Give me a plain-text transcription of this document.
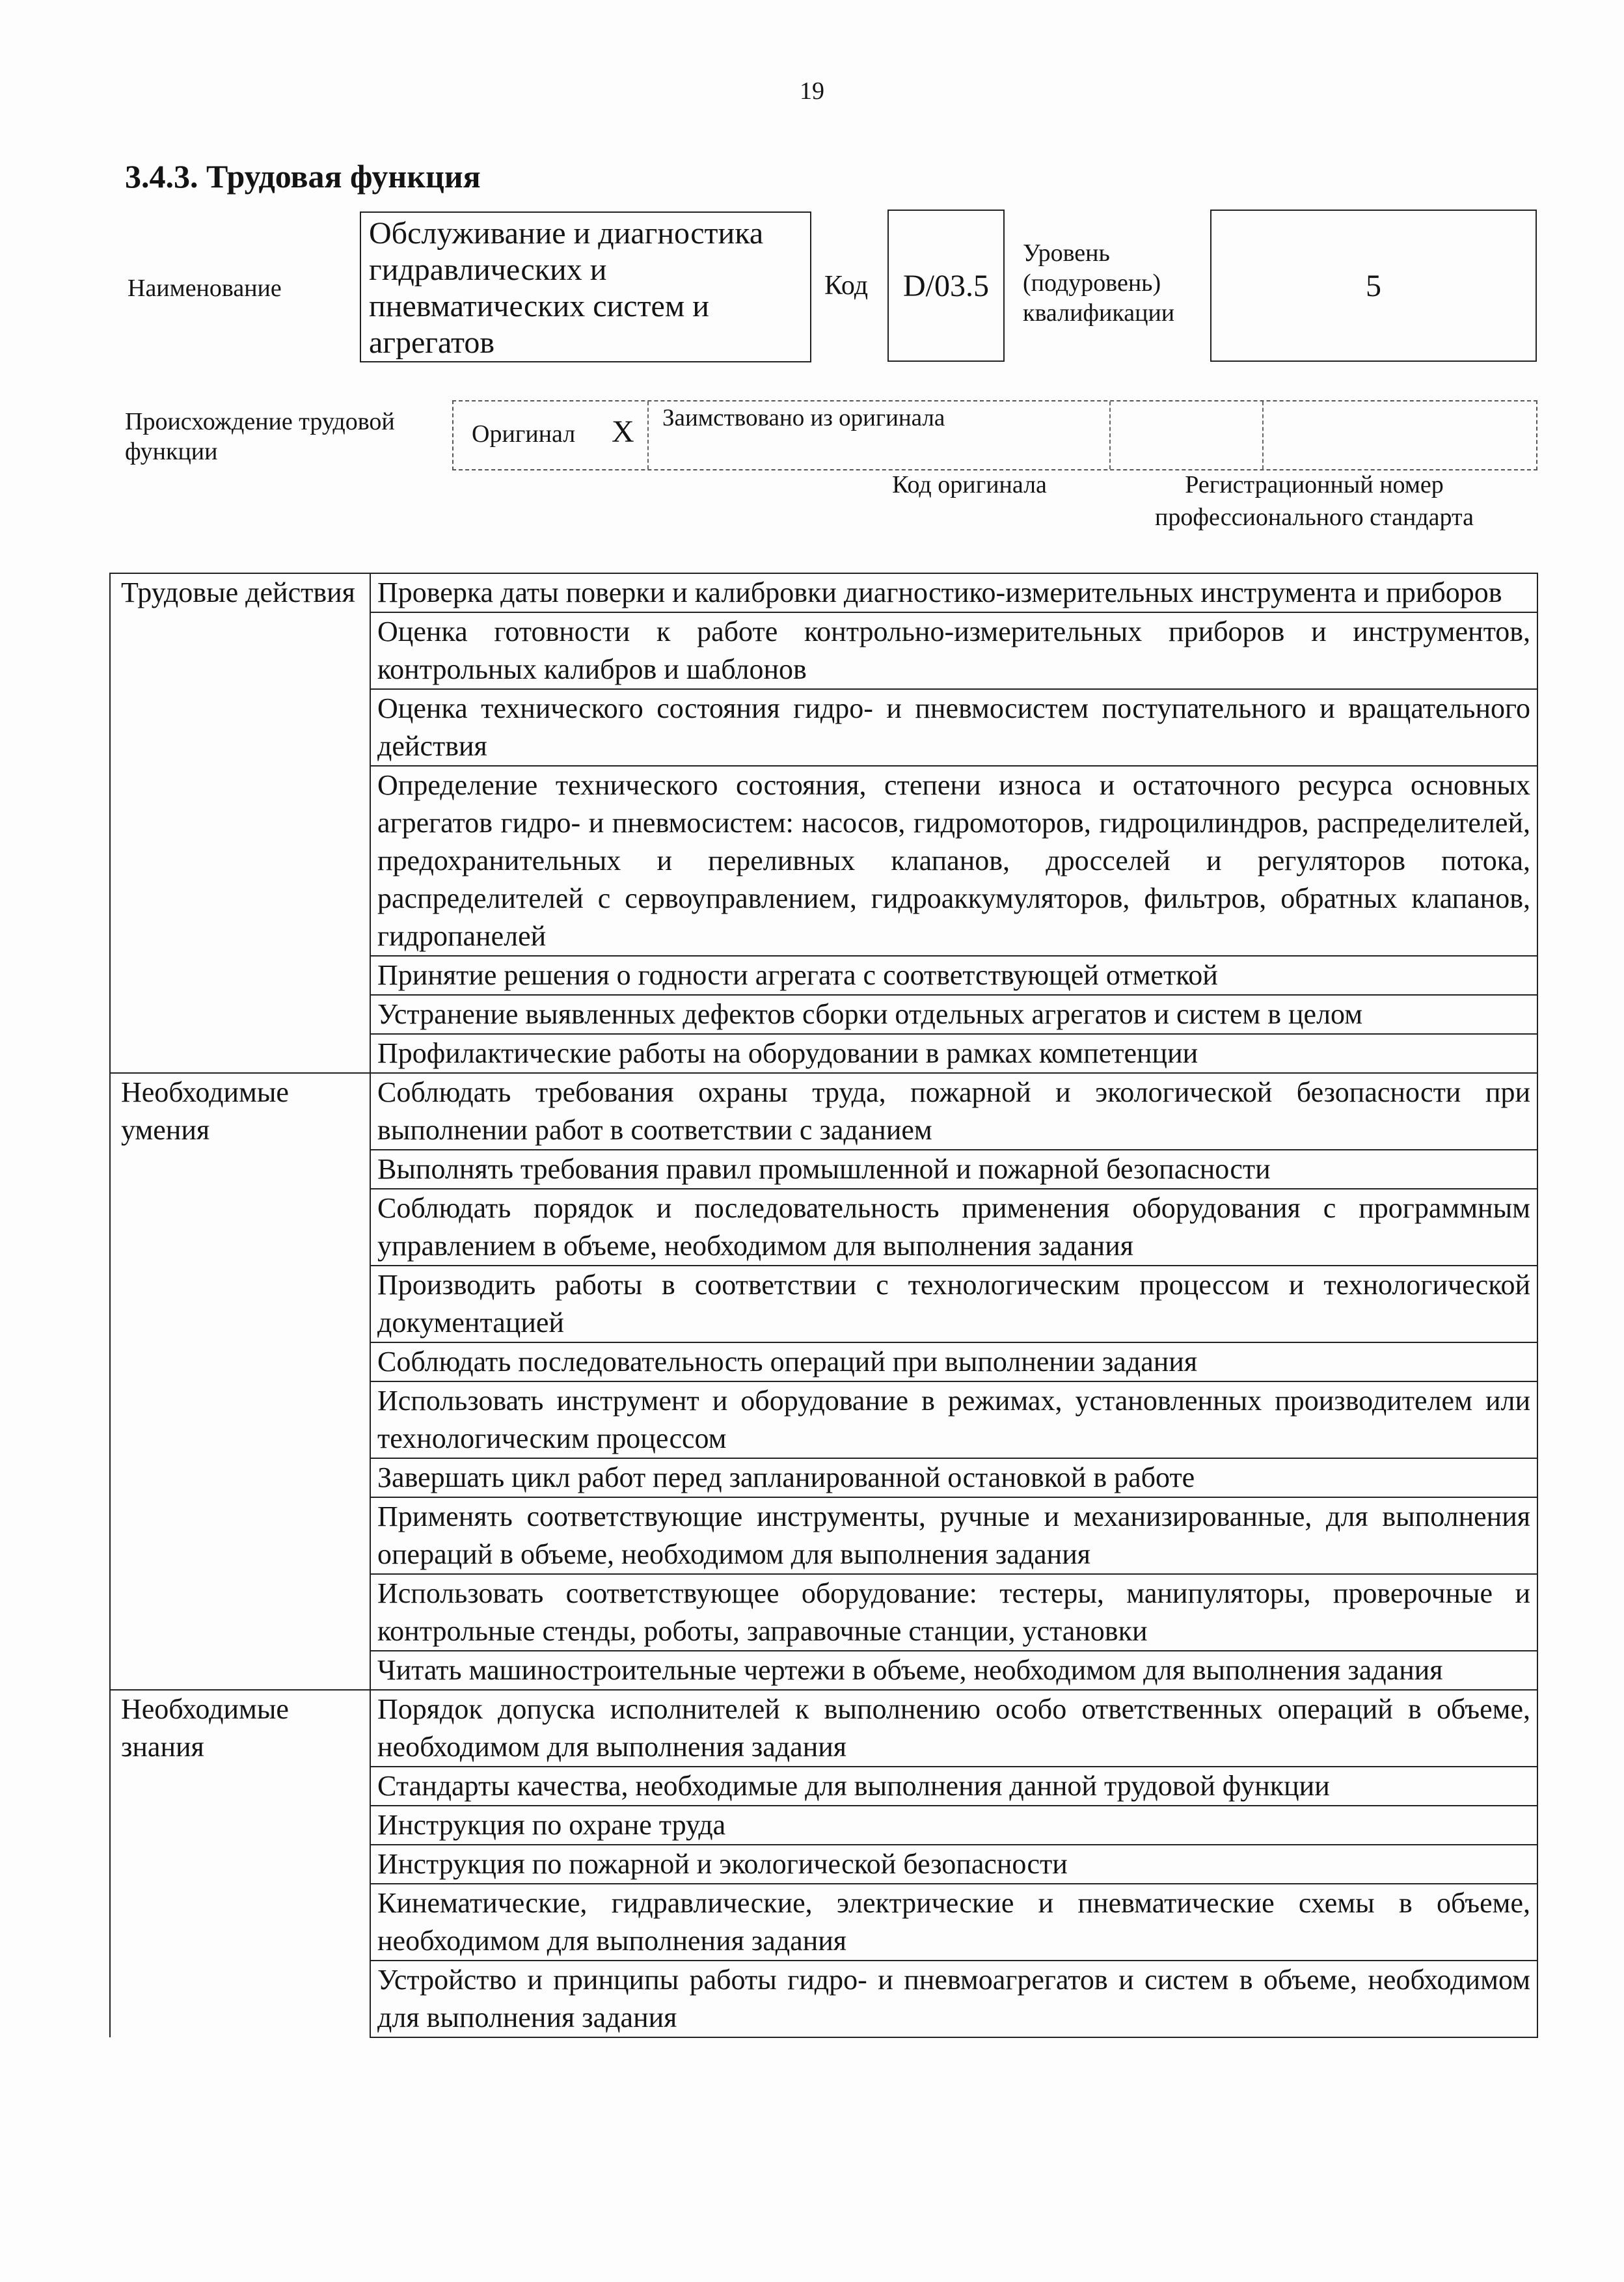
19
3.4.3. Трудовая функция
Наименование
Обслуживание и диагностика гидравлических и пневматических систем и агрегатов
Код	D/03.5
Уровень (подуровень) квалификации
5
Происхождение трудовой функции
Оригинал X Заимствовано из оригинала
Код оригинала	Регистрационный номер профессионального стандарта
Трудовые действия	Проверка даты поверки и калибровки диагностико-измерительных инструмента и приборов
	Оценка готовности к работе контрольно-измерительных приборов и инструментов, контрольных калибров и шаблонов
	Оценка технического состояния гидро- и пневмосистем поступательного и вращательного действия
	Определение технического состояния, степени износа и остаточного ресурса основных агрегатов гидро- и пневмосистем: насосов, гидромоторов, гидроцилиндров, распределителей, предохранительных и переливных клапанов, дросселей и регуляторов потока, распределителей с сервоуправлением, гидроаккумуляторов, фильтров, обратных клапанов, гидропанелей
	Принятие решения о годности агрегата с соответствующей отметкой
	Устранение выявленных дефектов сборки отдельных агрегатов и систем в целом
	Профилактические работы на оборудовании в рамках компетенции
Необходимые умения	Соблюдать требования охраны труда, пожарной и экологической безопасности при выполнении работ в соответствии с заданием
	Выполнять требования правил промышленной и пожарной безопасности
	Соблюдать порядок и последовательность применения оборудования с программным управлением в объеме, необходимом для выполнения задания
	Производить работы в соответствии с технологическим процессом и технологической документацией
	Соблюдать последовательность операций при выполнении задания
	Использовать инструмент и оборудование в режимах, установленных производителем или технологическим процессом
	Завершать цикл работ перед запланированной остановкой в работе
	Применять соответствующие инструменты, ручные и механизированные, для выполнения операций в объеме, необходимом для выполнения задания
	Использовать соответствующее оборудование: тестеры, манипуляторы, проверочные и контрольные стенды, роботы, заправочные станции, установки
	Читать машиностроительные чертежи в объеме, необходимом для выполнения задания
Необходимые знания	Порядок допуска исполнителей к выполнению особо ответственных операций в объеме, необходимом для выполнения задания
	Стандарты качества, необходимые для выполнения данной трудовой функции
	Инструкция по охране труда
	Инструкция по пожарной и экологической безопасности
	Кинематические, гидравлические, электрические и пневматические схемы в объеме, необходимом для выполнения задания
	Устройство и принципы работы гидро- и пневмоагрегатов и систем в объеме, необходимом для выполнения задания
